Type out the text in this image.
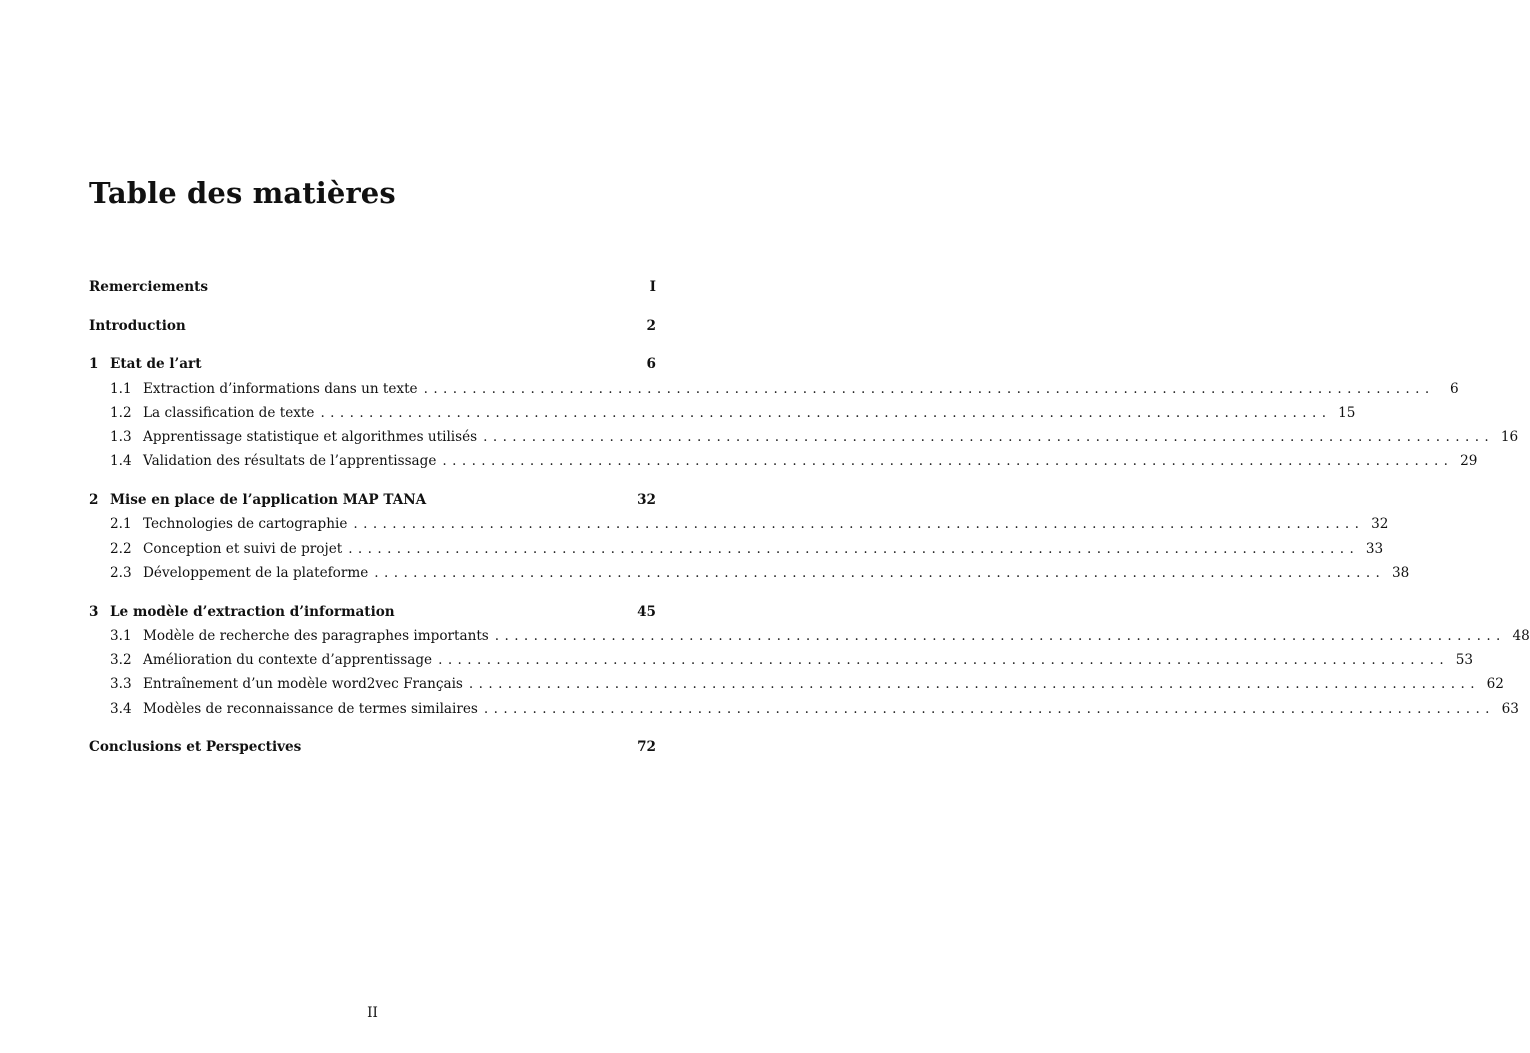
Table des matières
Remerciements	I
Introduction	2
1 Etat de l’art	6
1.1 Extraction d’informations dans un texte ........................................................................................................	6
1.2 La classification de texte ........................................................................................................ 15
1.3 Apprentissage statistique et algorithmes utilisés ........................................................................................................ 16
1.4 Validation des résultats de l’apprentissage ........................................................................................................ 29
2 Mise en place de l’application MAP TANA	32
2.1 Technologies de cartographie ........................................................................................................ 32
2.2 Conception et suivi de projet ........................................................................................................ 33
2.3 Développement de la plateforme ........................................................................................................ 38
3 Le modèle d’extraction d’information	45
3.1 Modèle de recherche des paragraphes importants ........................................................................................................ 48
3.2 Amélioration du contexte d’apprentissage ........................................................................................................ 53
3.3 Entraînement d’un modèle word2vec Français ........................................................................................................ 62
3.4 Modèles de reconnaissance de termes similaires ........................................................................................................ 63
Conclusions et Perspectives	72
II
